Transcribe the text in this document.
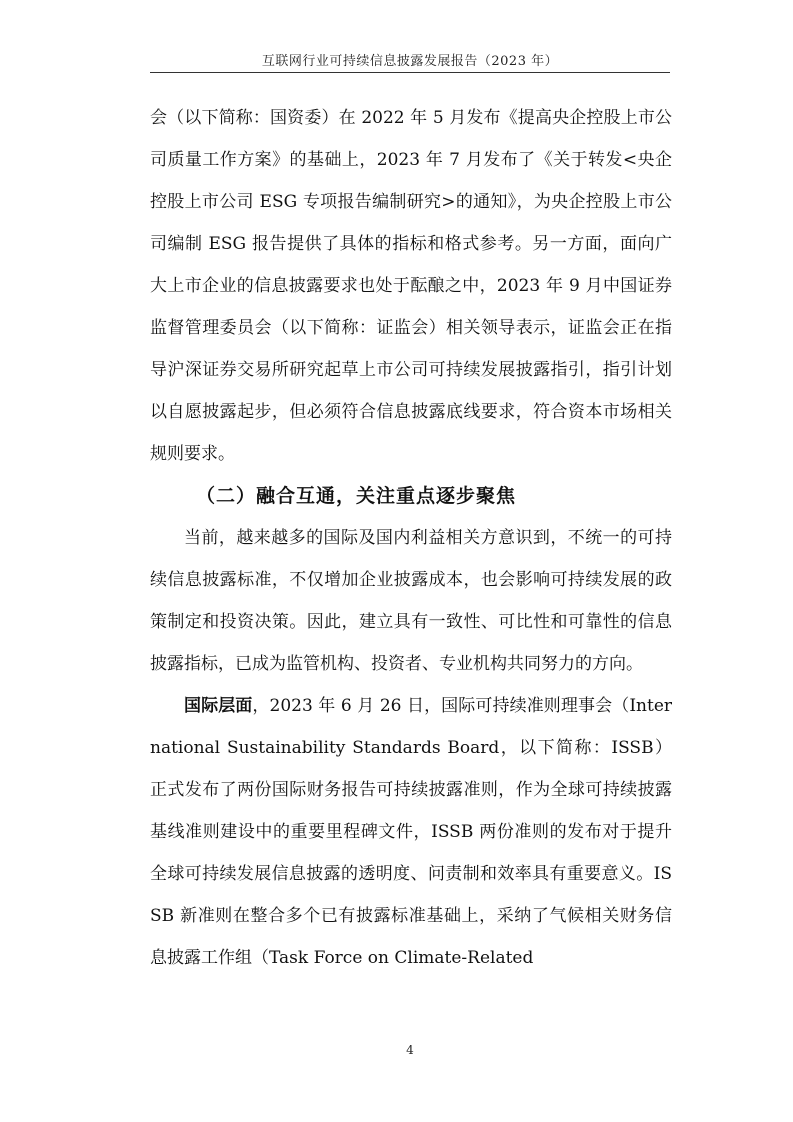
互联网行业可持续信息披露发展报告（2023 年）

会（以下简称：国资委）在 2022 年 5 月发布《提高央企控股上市公司质量工作方案》的基础上，2023 年 7 月发布了《关于转发<央企控股上市公司 ESG 专项报告编制研究>的通知》，为央企控股上市公司编制 ESG 报告提供了具体的指标和格式参考。另一方面，面向广大上市企业的信息披露要求也处于酝酿之中，2023 年 9 月中国证券监督管理委员会（以下简称：证监会）相关领导表示，证监会正在指导沪深证券交易所研究起草上市公司可持续发展披露指引，指引计划以自愿披露起步，但必须符合信息披露底线要求，符合资本市场相关规则要求。

（二）融合互通，关注重点逐步聚焦

当前，越来越多的国际及国内利益相关方意识到，不统一的可持续信息披露标准，不仅增加企业披露成本，也会影响可持续发展的政策制定和投资决策。因此，建立具有一致性、可比性和可靠性的信息披露指标，已成为监管机构、投资者、专业机构共同努力的方向。

国际层面，2023 年 6 月 26 日，国际可持续准则理事会（International Sustainability Standards Board，以下简称：ISSB）正式发布了两份国际财务报告可持续披露准则，作为全球可持续披露基线准则建设中的重要里程碑文件，ISSB 两份准则的发布对于提升全球可持续发展信息披露的透明度、问责制和效率具有重要意义。ISSB 新准则在整合多个已有披露标准基础上，采纳了气候相关财务信息披露工作组（Task Force on Climate-Related

4
